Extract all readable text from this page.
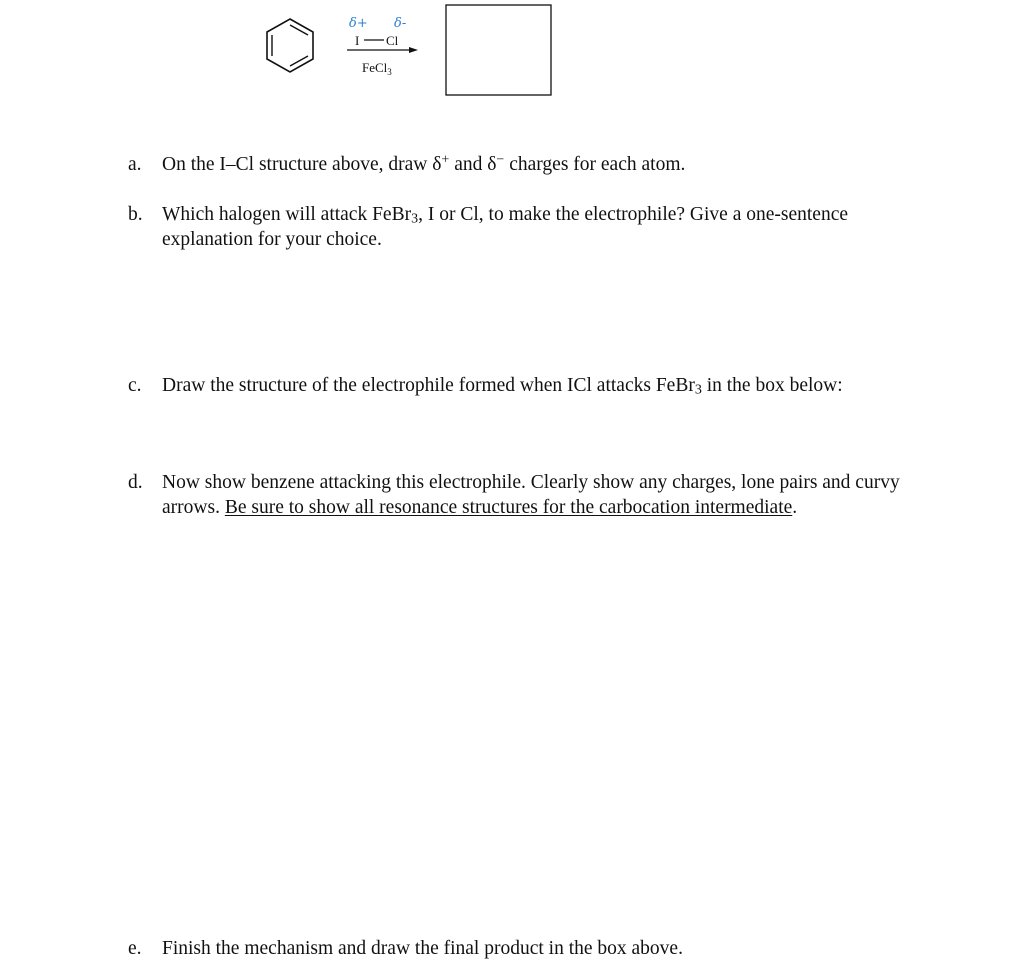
I Cl
δ+ δ-
FeCl$_3$
a.	On the I–Cl structure above, draw δ+ and δ− charges for each atom.
b. Which halogen will attack FeBr$_3$, I or Cl, to make the electrophile? Give a one-sentence explanation for your choice.
c.	Draw the structure of the electrophile formed when ICl attacks FeBr$_3$ in the box below:
d. Now show benzene attacking this electrophile. Clearly show any charges, lone pairs and curvy arrows. Be sure to show all resonance structures for the carbocation intermediate.
e.	Finish the mechanism and draw the final product in the box above.
